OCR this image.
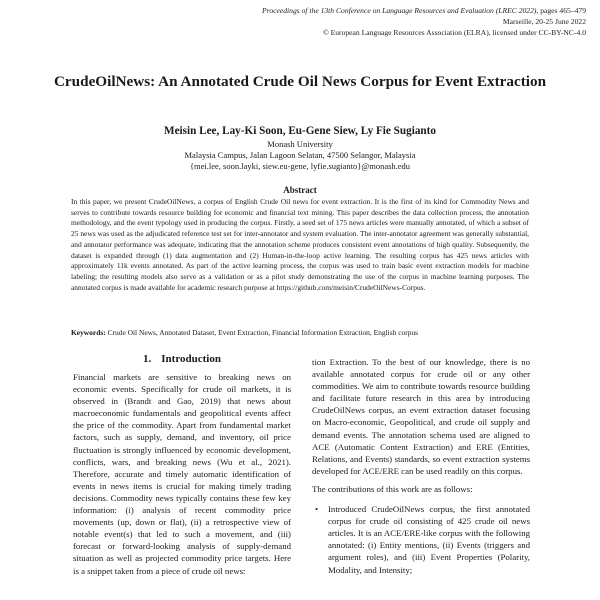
Proceedings of the 13th Conference on Language Resources and Evaluation (LREC 2022), pages 465–479
Marseille, 20-25 June 2022
© European Language Resources Association (ELRA), licensed under CC-BY-NC-4.0
CrudeOilNews: An Annotated Crude Oil News Corpus for Event Extraction
Meisin Lee, Lay-Ki Soon, Eu-Gene Siew, Ly Fie Sugianto
Monash University
Malaysia Campus, Jalan Lagoon Selatan, 47500 Selangor, Malaysia
{mei.lee, soon.layki, siew.eu-gene, lyfie.sugianto}@monash.edu
Abstract
In this paper, we present CrudeOilNews, a corpus of English Crude Oil news for event extraction. It is the first of its kind for Commodity News and serves to contribute towards resource building for economic and financial text mining. This paper describes the data collection process, the annotation methodology, and the event typology used in producing the corpus. Firstly, a seed set of 175 news articles were manually annotated, of which a subset of 25 news was used as the adjudicated reference test set for inter-annotator and system evaluation. The inter-annotator agreement was generally substantial, and annotator performance was adequate, indicating that the annotation scheme produces consistent event annotations of high quality. Subsequently, the dataset is expanded through (1) data augmentation and (2) Human-in-the-loop active learning. The resulting corpus has 425 news articles with approximately 11k events annotated. As part of the active learning process, the corpus was used to train basic event extraction models for machine labeling; the resulting models also serve as a validation or as a pilot study demonstrating the use of the corpus in machine learning purposes. The annotated corpus is made available for academic research purpose at https://github.com/meisin/CrudeOilNews-Corpus.
Keywords: Crude Oil News, Annotated Dataset, Event Extraction, Financial Information Extraction, English corpus
1. Introduction
Financial markets are sensitive to breaking news on economic events. Specifically for crude oil markets, it is observed in (Brandt and Gao, 2019) that news about macroeconomic fundamentals and geopolitical events affect the price of the commodity. Apart from fundamental market factors, such as supply, demand, and inventory, oil price fluctuation is strongly influenced by economic development, conflicts, wars, and breaking news (Wu et al., 2021). Therefore, accurate and timely automatic identification of events in news items is crucial for making timely trading decisions. Commodity news typically contains these few key information: (i) analysis of recent commodity price movements (up, down or flat), (ii) a retrospective view of notable event(s) that led to such a movement, and (iii) forecast or forward-looking analysis of supply-demand situation as well as projected commodity price targets. Here is a snippet taken from a piece of crude oil news:

tion Extraction. To the best of our knowledge, there is no available annotated corpus for crude oil or any other commodities. We aim to contribute towards resource building and facilitate future research in this area by introducing CrudeOilNews corpus, an event extraction dataset focusing on Macro-economic, Geopolitical, and crude oil supply and demand events. The annotation schema used are aligned to ACE (Automatic Content Extraction) and ERE (Entities, Relations, and Events) standards, so event extraction systems developed for ACE/ERE can be used readily on this corpus.

The contributions of this work are as follows:

• Introduced CrudeOilNews corpus, the first annotated corpus for crude oil consisting of 425 crude oil news articles. It is an ACE/ERE-like corpus with the following annotated: (i) Entity mentions, (ii) Events (triggers and argument roles), and (iii) Event Properties (Polarity, Modality, and Intensity;
